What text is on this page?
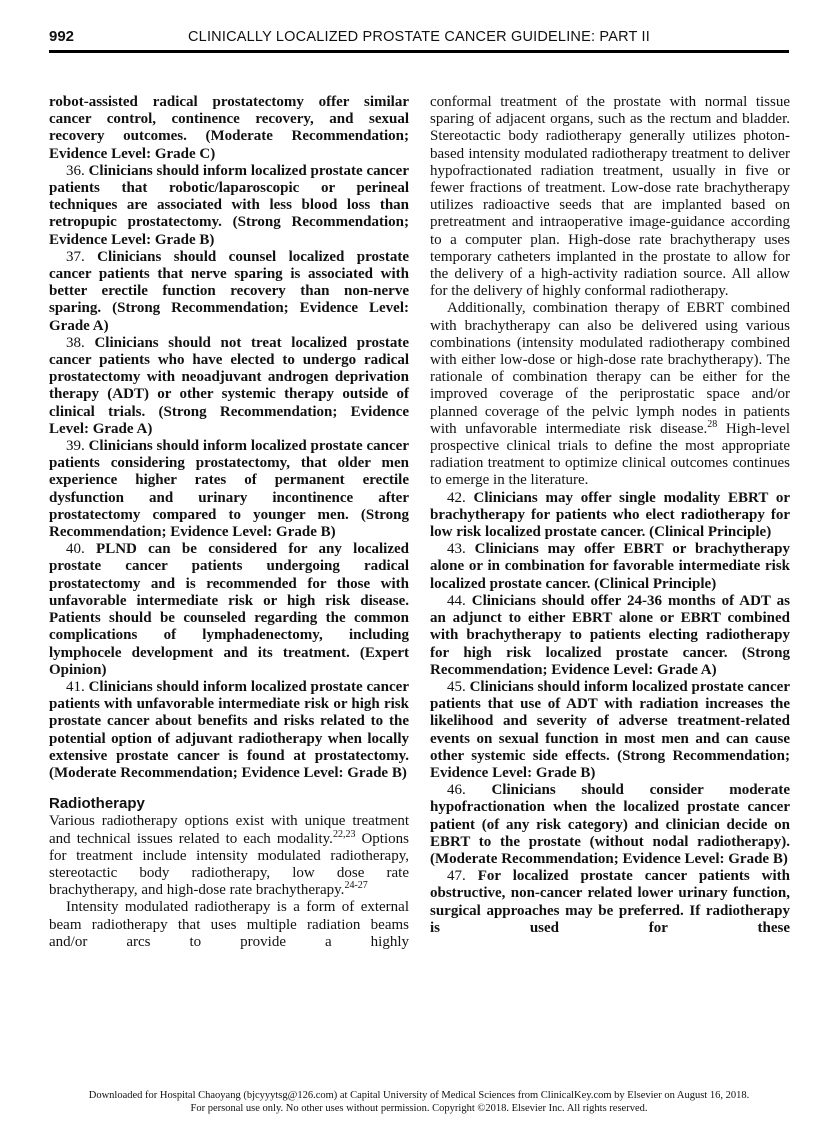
992	CLINICALLY LOCALIZED PROSTATE CANCER GUIDELINE: PART II

robot-assisted radical prostatectomy offer similar cancer control, continence recovery, and sexual recovery outcomes. (Moderate Recommendation; Evidence Level: Grade C)

36. Clinicians should inform localized prostate cancer patients that robotic/laparoscopic or perineal techniques are associated with less blood loss than retropupic prostatectomy. (Strong Recommendation; Evidence Level: Grade B)

37. Clinicians should counsel localized prostate cancer patients that nerve sparing is associated with better erectile function recovery than non-nerve sparing. (Strong Recommendation; Evidence Level: Grade A)

38. Clinicians should not treat localized prostate cancer patients who have elected to undergo radical prostatectomy with neoadjuvant androgen deprivation therapy (ADT) or other systemic therapy outside of clinical trials. (Strong Recommendation; Evidence Level: Grade A)

39. Clinicians should inform localized prostate cancer patients considering prostatectomy, that older men experience higher rates of permanent erectile dysfunction and urinary incontinence after prostatectomy compared to younger men. (Strong Recommendation; Evidence Level: Grade B)

40. PLND can be considered for any localized prostate cancer patients undergoing radical prostatectomy and is recommended for those with unfavorable intermediate risk or high risk disease. Patients should be counseled regarding the common complications of lymphadenectomy, including lymphocele development and its treatment. (Expert Opinion)

41. Clinicians should inform localized prostate cancer patients with unfavorable intermediate risk or high risk prostate cancer about benefits and risks related to the potential option of adjuvant radiotherapy when locally extensive prostate cancer is found at prostatectomy. (Moderate Recommendation; Evidence Level: Grade B)

Radiotherapy

Various radiotherapy options exist with unique treatment and technical issues related to each modality.$^{22,23}$ Options for treatment include intensity modulated radiotherapy, stereotactic body radiotherapy, low dose rate brachytherapy, and high-dose rate brachytherapy.$^{24-27}$

Intensity modulated radiotherapy is a form of external beam radiotherapy that uses multiple radiation beams and/or arcs to provide a highly

conformal treatment of the prostate with normal tissue sparing of adjacent organs, such as the rectum and bladder. Stereotactic body radiotherapy generally utilizes photon-based intensity modulated radiotherapy treatment to deliver hypofractionated radiation treatment, usually in five or fewer fractions of treatment. Low-dose rate brachytherapy utilizes radioactive seeds that are implanted based on pretreatment and intraoperative image-guidance according to a computer plan. High-dose rate brachytherapy uses temporary catheters implanted in the prostate to allow for the delivery of a high-activity radiation source. All allow for the delivery of highly conformal radiotherapy.

Additionally, combination therapy of EBRT combined with brachytherapy can also be delivered using various combinations (intensity modulated radiotherapy combined with either low-dose or high-dose rate brachytherapy). The rationale of combination therapy can be either for the improved coverage of the periprostatic space and/or planned coverage of the pelvic lymph nodes in patients with unfavorable intermediate risk disease.$^{28}$ High-level prospective clinical trials to define the most appropriate radiation treatment to optimize clinical outcomes continues to emerge in the literature.

42. Clinicians may offer single modality EBRT or brachytherapy for patients who elect radiotherapy for low risk localized prostate cancer. (Clinical Principle)

43. Clinicians may offer EBRT or brachytherapy alone or in combination for favorable intermediate risk localized prostate cancer. (Clinical Principle)

44. Clinicians should offer 24-36 months of ADT as an adjunct to either EBRT alone or EBRT combined with brachytherapy to patients electing radiotherapy for high risk localized prostate cancer. (Strong Recommendation; Evidence Level: Grade A)

45. Clinicians should inform localized prostate cancer patients that use of ADT with radiation increases the likelihood and severity of adverse treatment-related events on sexual function in most men and can cause other systemic side effects. (Strong Recommendation; Evidence Level: Grade B)

46. Clinicians should consider moderate hypofractionation when the localized prostate cancer patient (of any risk category) and clinician decide on EBRT to the prostate (without nodal radiotherapy). (Moderate Recommendation; Evidence Level: Grade B)

47. For localized prostate cancer patients with obstructive, non-cancer related lower urinary function, surgical approaches may be preferred. If radiotherapy is used for these

Downloaded for Hospital Chaoyang (bjcyyytsg@126.com) at Capital University of Medical Sciences from ClinicalKey.com by Elsevier on August 16, 2018.
For personal use only. No other uses without permission. Copyright ©2018. Elsevier Inc. All rights reserved.
